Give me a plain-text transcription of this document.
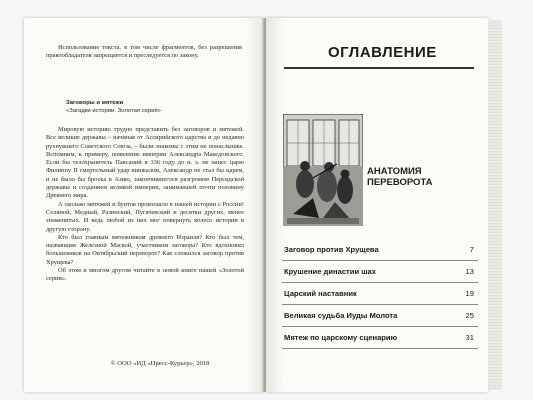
Использование текста, в том числе фрагментов, без разрешения правообладателя запрещается и преследуется по закону.
Заговоры и мятежи
«Загадки истории. Золотая серия»

Мировую историю трудно представить без заговоров и мятежей. Все великие державы – начиная от Ассирийского царства и до недавно рухнувшего Советского Союза, – были знакомы с этим не понаслышке. Вспомним, к примеру, появление империи Александра Македонского. Если бы телохранитель Павсаний в 336 году до н. э. не нанес царю Филиппу II смертельный удар кинжалом, Александр не стал бы царем, и не было бы броска в Азию, закончившегося разгромом Персидской державы и созданием великой империи, занимавшей почти половину Древнего мира.

А сколько мятежей и бунтов произошло в нашей истории с России! Соляной, Медный, Разинский, Пугачевский и десятки других, менее знаменитых. И ведь любой из них мог повернуть колесо истории в другую сторону.

Кто был главным мятежником древнего Израиля? Кто был тем, назвавшим Железной Маской, участником заговора? Кто вдохновил большевиков на Октябрьский переворот? Как сложился заговор против Хрущева?

Об этом и многом другом читайте в новой книге нашей «Золотой серии».

© ООО «ИД «Пресс-Курьер», 2018
ОГЛАВЛЕНИЕ
АНАТОМИЯ
ПЕРЕВОРОТА
Заговор против Хрущева	7
Крушение династии шах	13
Царский наставник	19
Великая судьба Иуды Молота	25
Мятеж по царскому сценарию	31
